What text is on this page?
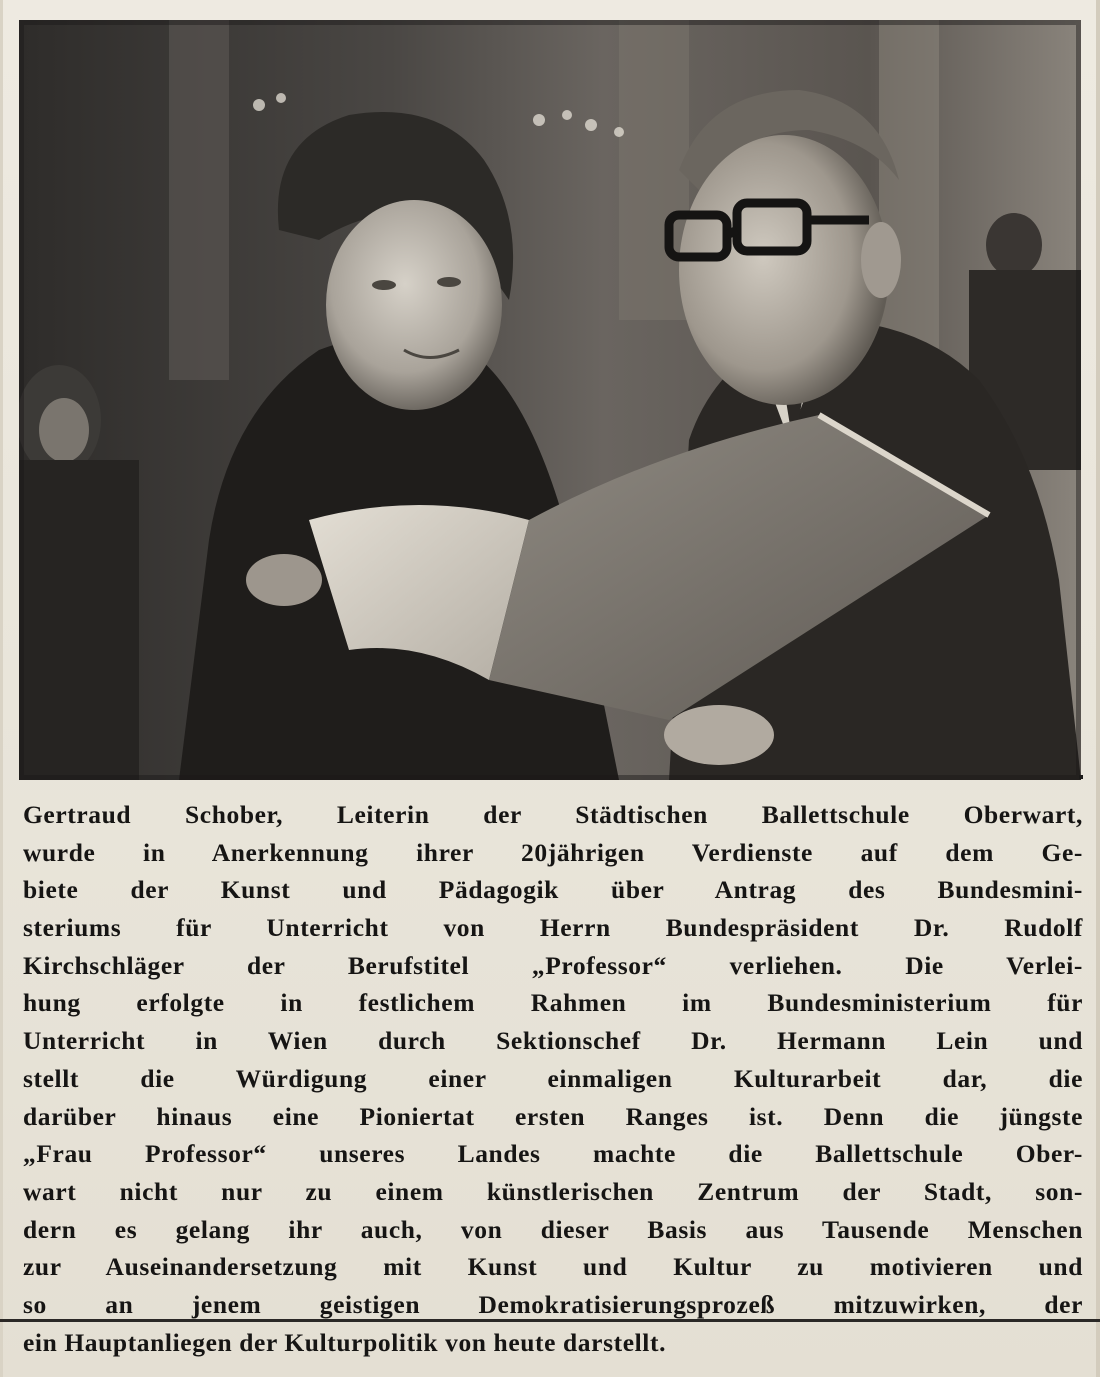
Gertraud Schober, Leiterin der Städtischen Ballettschule Oberwart,
wurde in Anerkennung ihrer 20jährigen Verdienste auf dem Ge-
biete der Kunst und Pädagogik über Antrag des Bundesmini-
steriums für Unterricht von Herrn Bundespräsident Dr. Rudolf
Kirchschläger der Berufstitel „Professor“ verliehen. Die Verlei-
hung erfolgte in festlichem Rahmen im Bundesministerium für
Unterricht in Wien durch Sektionschef Dr. Hermann Lein und
stellt die Würdigung einer einmaligen Kulturarbeit dar, die
darüber hinaus eine Pioniertat ersten Ranges ist. Denn die jüngste
„Frau Professor“ unseres Landes machte die Ballettschule Ober-
wart nicht nur zu einem künstlerischen Zentrum der Stadt, son-
dern es gelang ihr auch, von dieser Basis aus Tausende Menschen
zur Auseinandersetzung mit Kunst und Kultur zu motivieren und
so an jenem geistigen Demokratisierungsprozeß mitzuwirken, der
ein Hauptanliegen der Kulturpolitik von heute darstellt.
